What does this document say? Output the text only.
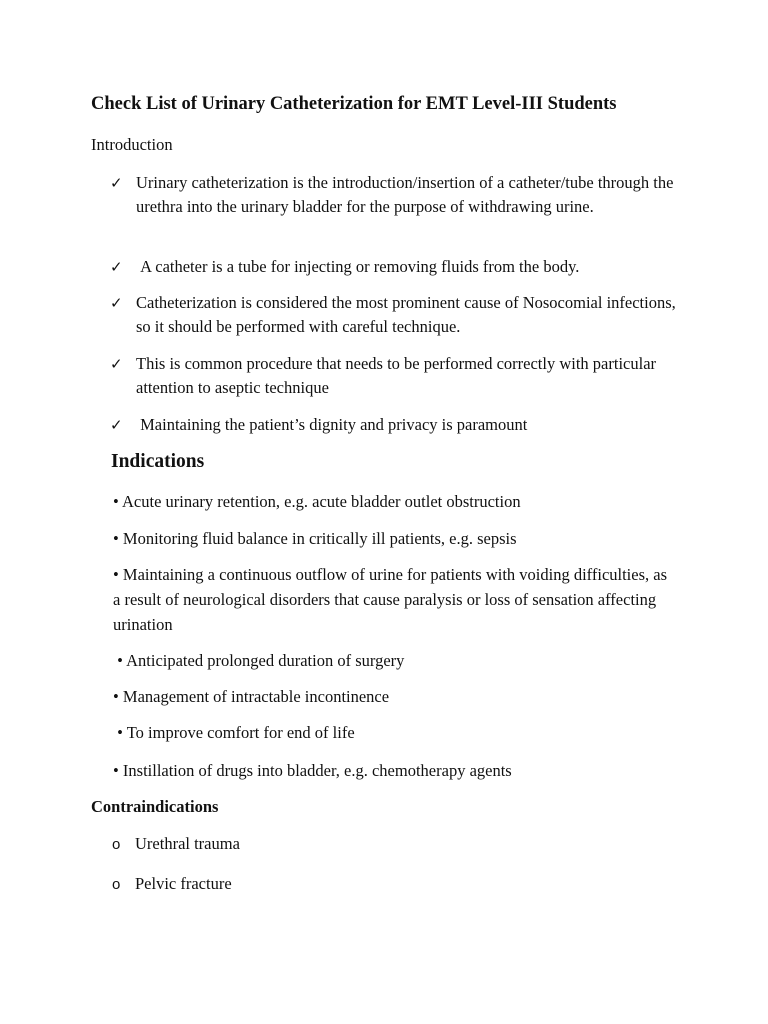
Check List of Urinary Catheterization for EMT Level-III Students
Introduction
✓ Urinary catheterization is the introduction/insertion of a catheter/tube through the urethra into the urinary bladder for the purpose of withdrawing urine.
✓ A catheter is a tube for injecting or removing fluids from the body.
✓ Catheterization is considered the most prominent cause of Nosocomial infections, so it should be performed with careful technique.
✓ This is common procedure that needs to be performed correctly with particular attention to aseptic technique
✓ Maintaining the patient’s dignity and privacy is paramount
Indications
• Acute urinary retention, e.g. acute bladder outlet obstruction
• Monitoring fluid balance in critically ill patients, e.g. sepsis
• Maintaining a continuous outflow of urine for patients with voiding difficulties, as a result of neurological disorders that cause paralysis or loss of sensation affecting urination
• Anticipated prolonged duration of surgery
• Management of intractable incontinence
• To improve comfort for end of life
• Instillation of drugs into bladder, e.g. chemotherapy agents
Contraindications
o Urethral trauma
o Pelvic fracture
